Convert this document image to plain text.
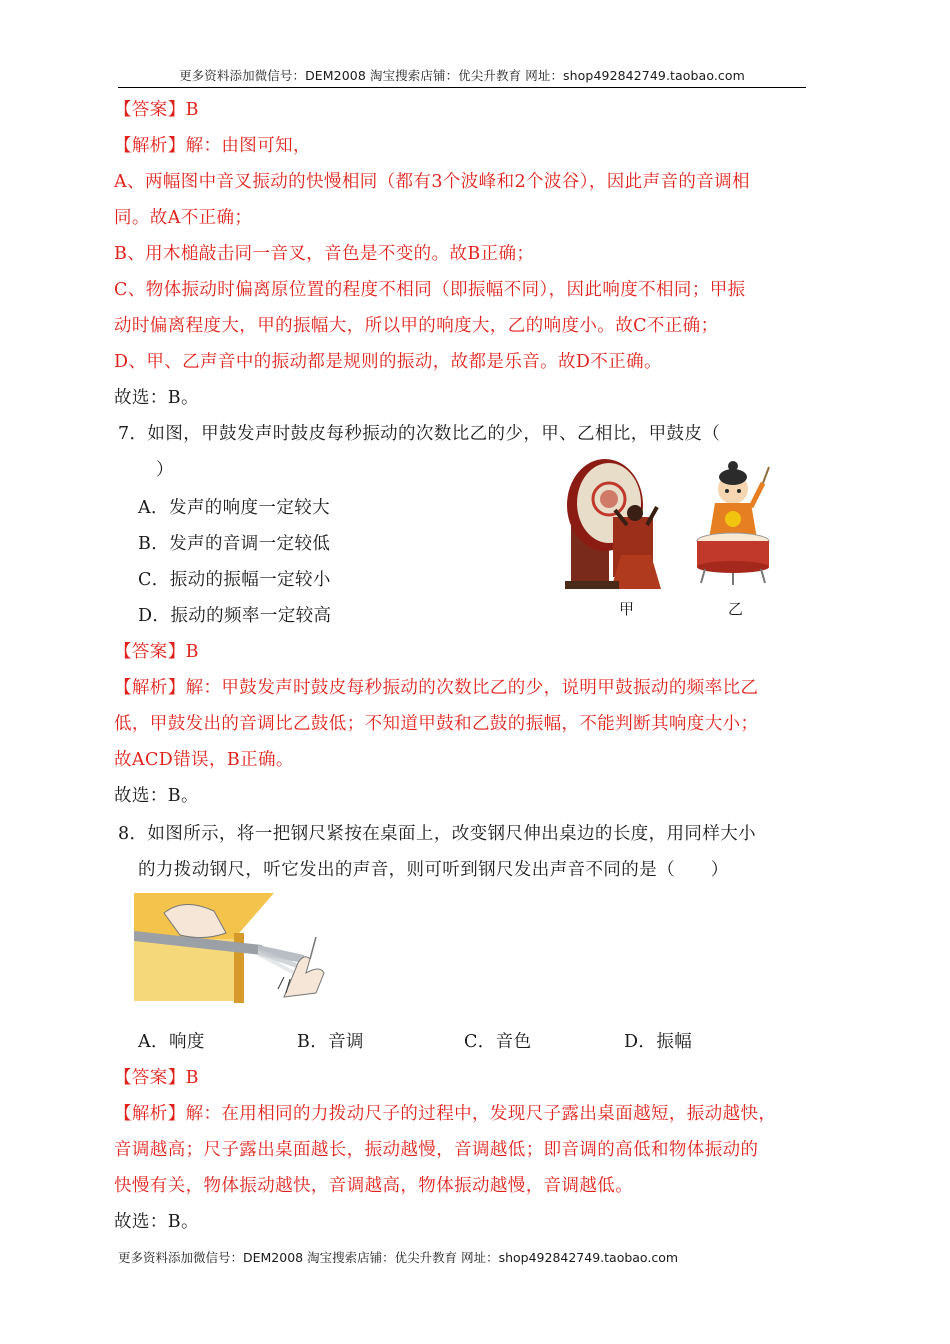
更多资料添加微信号：DEM2008 淘宝搜索店铺：优尖升教育 网址：shop492842749.taobao.com
【答案】B
【解析】解：由图可知，
A、两幅图中音叉振动的快慢相同（都有3个波峰和2个波谷），因此声音的音调相
同。故A不正确；
B、用木槌敲击同一音叉，音色是不变的。故B正确；
C、物体振动时偏离原位置的程度不相同（即振幅不同），因此响度不相同；甲振
动时偏离程度大，甲的振幅大，所以甲的响度大，乙的响度小。故C不正确；
D、甲、乙声音中的振动都是规则的振动，故都是乐音。故D不正确。
故选：B。
7．如图，甲鼓发声时鼓皮每秒振动的次数比乙的少，甲、乙相比，甲鼓皮（
）
A．发声的响度一定较大
B．发声的音调一定较低
C．振动的振幅一定较小
D．振动的频率一定较高	甲	乙
【答案】B
【解析】解：甲鼓发声时鼓皮每秒振动的次数比乙的少，说明甲鼓振动的频率比乙
低，甲鼓发出的音调比乙鼓低；不知道甲鼓和乙鼓的振幅，不能判断其响度大小；
故ACD错误，B正确。
故选：B。
8．如图所示，将一把钢尺紧按在桌面上，改变钢尺伸出桌边的长度，用同样大小
的力拨动钢尺，听它发出的声音，则可听到钢尺发出声音不同的是（　　）
A．响度	B．音调	C．音色	D．振幅
【答案】B
【解析】解：在用相同的力拨动尺子的过程中，发现尺子露出桌面越短，振动越快，
音调越高；尺子露出桌面越长，振动越慢，音调越低；即音调的高低和物体振动的
快慢有关，物体振动越快，音调越高，物体振动越慢，音调越低。
故选：B。
更多资料添加微信号：DEM2008 淘宝搜索店铺：优尖升教育 网址：shop492842749.taobao.com
